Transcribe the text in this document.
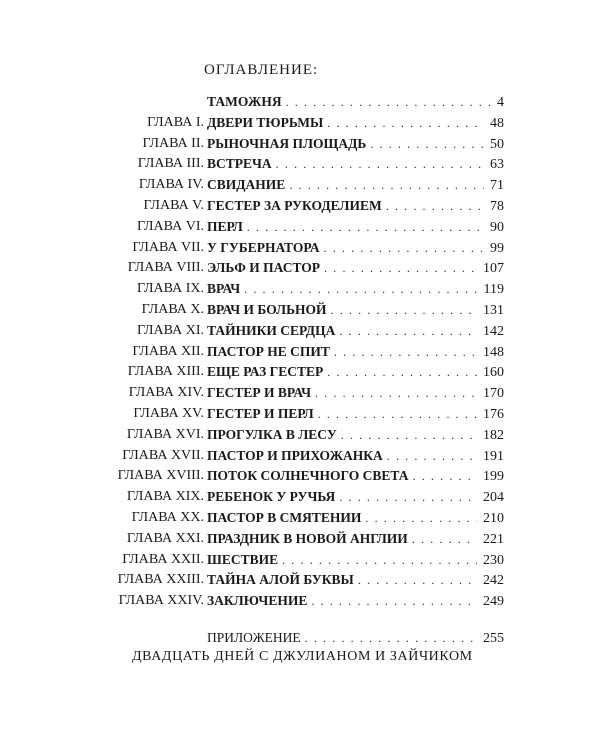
ОГЛАВЛЕНИЕ:
ТАМОЖНЯ . . .	4
ГЛАВА I. ДВЕРИ ТЮРЬМЫ . . .	48
ГЛАВА II. РЫНОЧНАЯ ПЛОЩАДЬ . . .	50
ГЛАВА III. ВСТРЕЧА . . .	63
ГЛАВА IV. СВИДАНИЕ . . .	71
ГЛАВА V. ГЕСТЕР ЗА РУКОДЕЛИЕМ . . .	78
ГЛАВА VI. ПЕРЛ . . .	90
ГЛАВА VII. У ГУБЕРНАТОРА . . .	99
ГЛАВА VIII. ЭЛЬФ И ПАСТОР . . .	107
ГЛАВА IX. ВРАЧ . . .	119
ГЛАВА X. ВРАЧ И БОЛЬНОЙ . . .	131
ГЛАВА XI. ТАЙНИКИ СЕРДЦА . . .	142
ГЛАВА XII. ПАСТОР НЕ СПИТ . . .	148
ГЛАВА XIII. ЕЩЕ РАЗ ГЕСТЕР . . .	160
ГЛАВА XIV. ГЕСТЕР И ВРАЧ . . .	170
ГЛАВА XV. ГЕСТЕР И ПЕРЛ . . .	176
ГЛАВА XVI. ПРОГУЛКА В ЛЕСУ . . .	182
ГЛАВА XVII. ПАСТОР И ПРИХОЖАНКА . . .	191
ГЛАВА XVIII. ПОТОК СОЛНЕЧНОГО СВЕТА . . .	199
ГЛАВА XIX. РЕБЕНОК У РУЧЬЯ . . .	204
ГЛАВА XX. ПАСТОР В СМЯТЕНИИ . . .	210
ГЛАВА XXI. ПРАЗДНИК В НОВОЙ АНГЛИИ . . .	221
ГЛАВА XXII. ШЕСТВИЕ . . .	230
ГЛАВА XXIII. ТАЙНА АЛОЙ БУКВЫ . . .	242
ГЛАВА XXIV. ЗАКЛЮЧЕНИЕ . . .	249
ПРИЛОЖЕНИЕ . . .	255
ДВАДЦАТЬ ДНЕЙ С ДЖУЛИАНОМ И ЗАЙЧИКОМ
